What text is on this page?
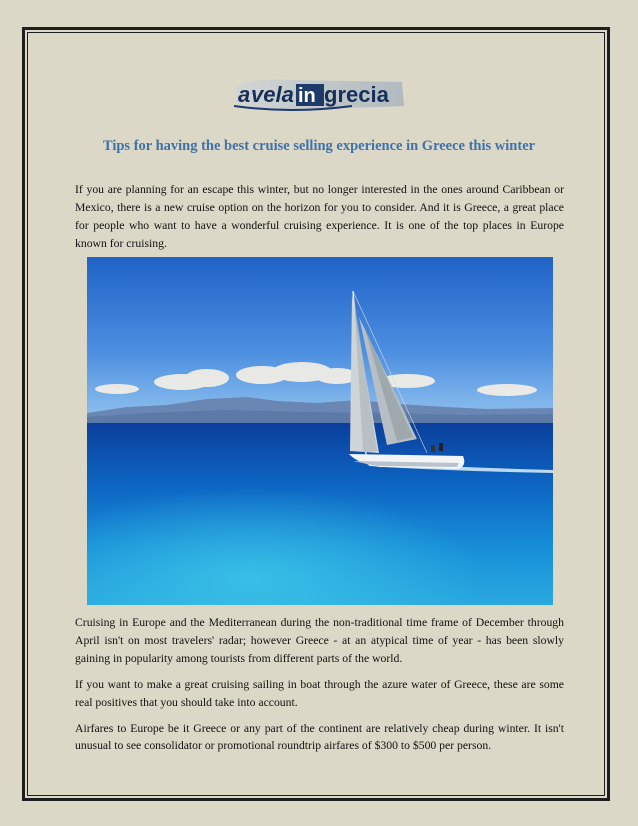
a vela in grecia
Tips for having the best cruise selling experience in Greece this winter

If you are planning for an escape this winter, but no longer interested in the ones around Caribbean or Mexico, there is a new cruise option on the horizon for you to consider. And it is Greece, a great place for people who want to have a wonderful cruising experience. It is one of the top places in Europe known for cruising.

Cruising in Europe and the Mediterranean during the non-traditional time frame of December through April isn't on most travelers' radar; however Greece - at an atypical time of year - has been slowly gaining in popularity among tourists from different parts of the world.

If you want to make a great cruising sailing in boat through the azure water of Greece, these are some real positives that you should take into account.

Airfares to Europe be it Greece or any part of the continent are relatively cheap during winter. It isn't unusual to see consolidator or promotional roundtrip airfares of $300 to $500 per person.
